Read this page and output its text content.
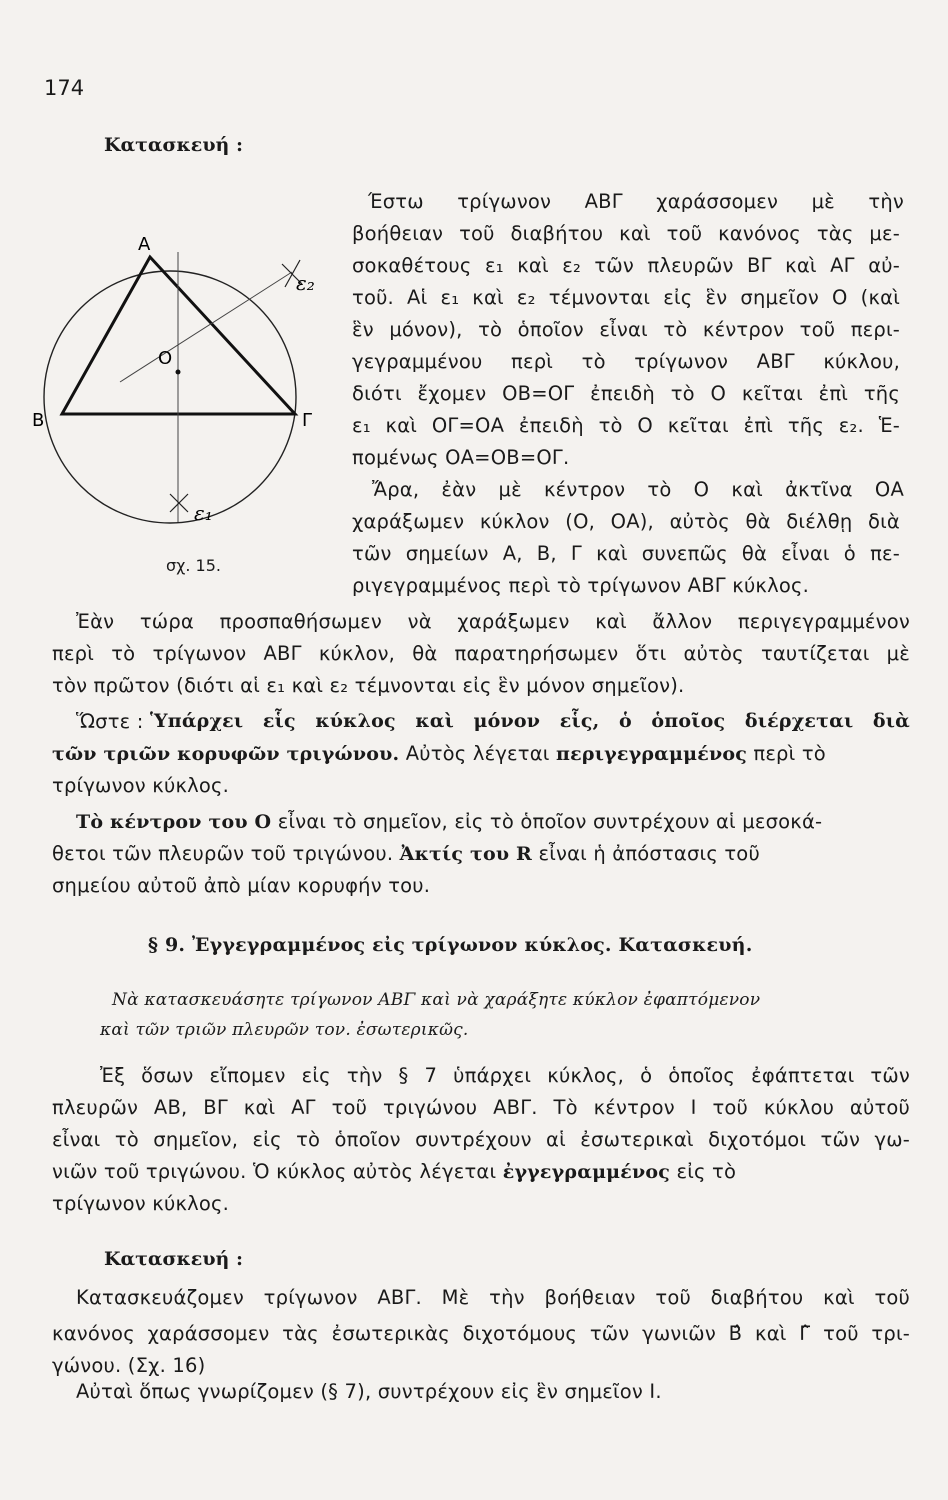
174
Κατασκευή :
Α
Β	Γ
Ο
ε₁
ε₂
σχ. 15.
Έστω τρίγωνον ΑΒΓ χαράσσομεν μὲ τὴν
βοήθειαν τοῦ διαβήτου καὶ τοῦ κανόνος τὰς με-
σοκαθέτους ε₁ καὶ ε₂ τῶν πλευρῶν ΒΓ καὶ ΑΓ αὐ-
τοῦ. Αἱ ε₁ καὶ ε₂ τέμνονται εἰς ἓν σημεῖον Ο (καὶ
ἓν μόνον), τὸ ὁποῖον εἶναι τὸ κέντρον τοῦ περι-
γεγραμμένου περὶ τὸ τρίγωνον ΑΒΓ κύκλου,
διότι ἔχομεν ΟΒ=ΟΓ ἐπειδὴ τὸ Ο κεῖται ἐπὶ τῆς
ε₁ καὶ ΟΓ=ΟΑ ἐπειδὴ τὸ Ο κεῖται ἐπὶ τῆς ε₂. Ἑ-
πομένως ΟΑ=ΟΒ=ΟΓ.
Ἄρα, ἐὰν μὲ κέντρον τὸ Ο καὶ ἀκτῖνα ΟΑ
χαράξωμεν κύκλον (Ο, ΟΑ), αὐτὸς θὰ διέλθῃ διὰ
τῶν σημείων Α, Β, Γ καὶ συνεπῶς θὰ εἶναι ὁ πε-
ριγεγραμμένος περὶ τὸ τρίγωνον ΑΒΓ κύκλος.
Ἐὰν τώρα προσπαθήσωμεν νὰ χαράξωμεν καὶ ἄλλον περιγεγραμμένον
περὶ τὸ τρίγωνον ΑΒΓ κύκλον, θὰ παρατηρήσωμεν ὅτι αὐτὸς ταυτίζεται μὲ
τὸν πρῶτον (διότι αἱ ε₁ καὶ ε₂ τέμνονται εἰς ἓν μόνον σημεῖον).
Ὥστε : Ὑπάρχει εἷς κύκλος καὶ μόνον εἷς, ὁ ὁποῖος διέρχεται διὰ
τῶν τριῶν κορυφῶν τριγώνου. Αὐτὸς λέγεται περιγεγραμμένος περὶ τὸ
τρίγωνον κύκλος.
Τὸ κέντρον του Ο εἶναι τὸ σημεῖον, εἰς τὸ ὁποῖον συντρέχουν αἱ μεσοκά-
θετοι τῶν πλευρῶν τοῦ τριγώνου. Ἀκτίς του R εἶναι ἡ ἀπόστασις τοῦ
σημείου αὐτοῦ ἀπὸ μίαν κορυφήν του.
§ 9. Ἐγγεγραμμένος εἰς τρίγωνον κύκλος. Κατασκευή.
Νὰ κατασκευάσητε τρίγωνον ΑΒΓ καὶ νὰ χαράξητε κύκλον ἐφαπτόμενον
καὶ τῶν τριῶν πλευρῶν τον. ἐσωτερικῶς.
Ἐξ ὅσων εἴπομεν εἰς τὴν § 7 ὑπάρχει κύκλος, ὁ ὁποῖος ἐφάπτεται τῶν
πλευρῶν ΑΒ, ΒΓ καὶ ΑΓ τοῦ τριγώνου ΑΒΓ. Τὸ κέντρον Ι τοῦ κύκλου αὐτοῦ
εἶναι τὸ σημεῖον, εἰς τὸ ὁποῖον συντρέχουν αἱ ἐσωτερικαὶ διχοτόμοι τῶν γω-
νιῶν τοῦ τριγώνου. Ὁ κύκλος αὐτὸς λέγεται ἐγγεγραμμένος εἰς τὸ
τρίγωνον κύκλος.
Κατασκευή :
Κατασκευάζομεν τρίγωνον ΑΒΓ. Μὲ τὴν βοήθειαν τοῦ διαβήτου καὶ τοῦ
κανόνος χαράσσομεν τὰς ἐσωτερικὰς διχοτόμους τῶν γωνιῶν Β̂ καὶ Γ̂ τοῦ τρι-
γώνου. (Σχ. 16)
Αὐταὶ ὅπως γνωρίζομεν (§ 7), συντρέχουν εἰς ἓν σημεῖον Ι.
